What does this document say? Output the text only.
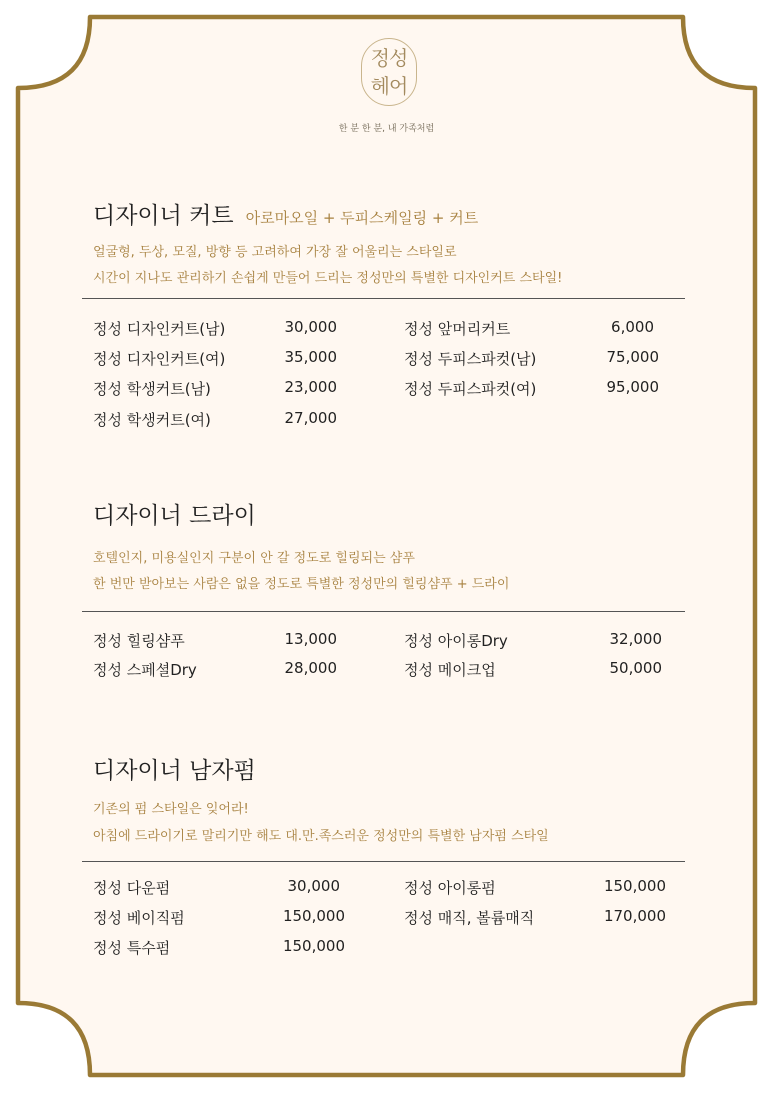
정성
헤어
한 분 한 분, 내 가족처럼
디자이너 커트 아로마오일 + 두피스케일링 + 커트
얼굴형, 두상, 모질, 방향 등 고려하여 가장 잘 어울리는 스타일로
시간이 지나도 관리하기 손쉽게 만들어 드리는 정성만의 특별한 디자인커트 스타일!
정성 디자인커트(남)	30,000
정성 디자인커트(여)	35,000
정성 학생커트(남)	23,000
정성 학생커트(여)	27,000
정성 앞머리커트	6,000
정성 두피스파컷(남)	75,000
정성 두피스파컷(여)	95,000
디자이너 드라이
호텔인지, 미용실인지 구분이 안 갈 정도로 힐링되는 샴푸
한 번만 받아보는 사람은 없을 정도로 특별한 정성만의 힐링샴푸 + 드라이
정성 힐링샴푸	13,000
정성 스페셜Dry	28,000
정성 아이롱Dry	32,000
정성 메이크업	50,000
디자이너 남자펌
기존의 펌 스타일은 잊어라!
아침에 드라이기로 말리기만 해도 대.만.족스러운 정성만의 특별한 남자펌 스타일
정성 다운펌	30,000
정성 베이직펌	150,000
정성 특수펌	150,000
정성 아이롱펌	150,000
정성 매직, 볼륨매직	170,000
